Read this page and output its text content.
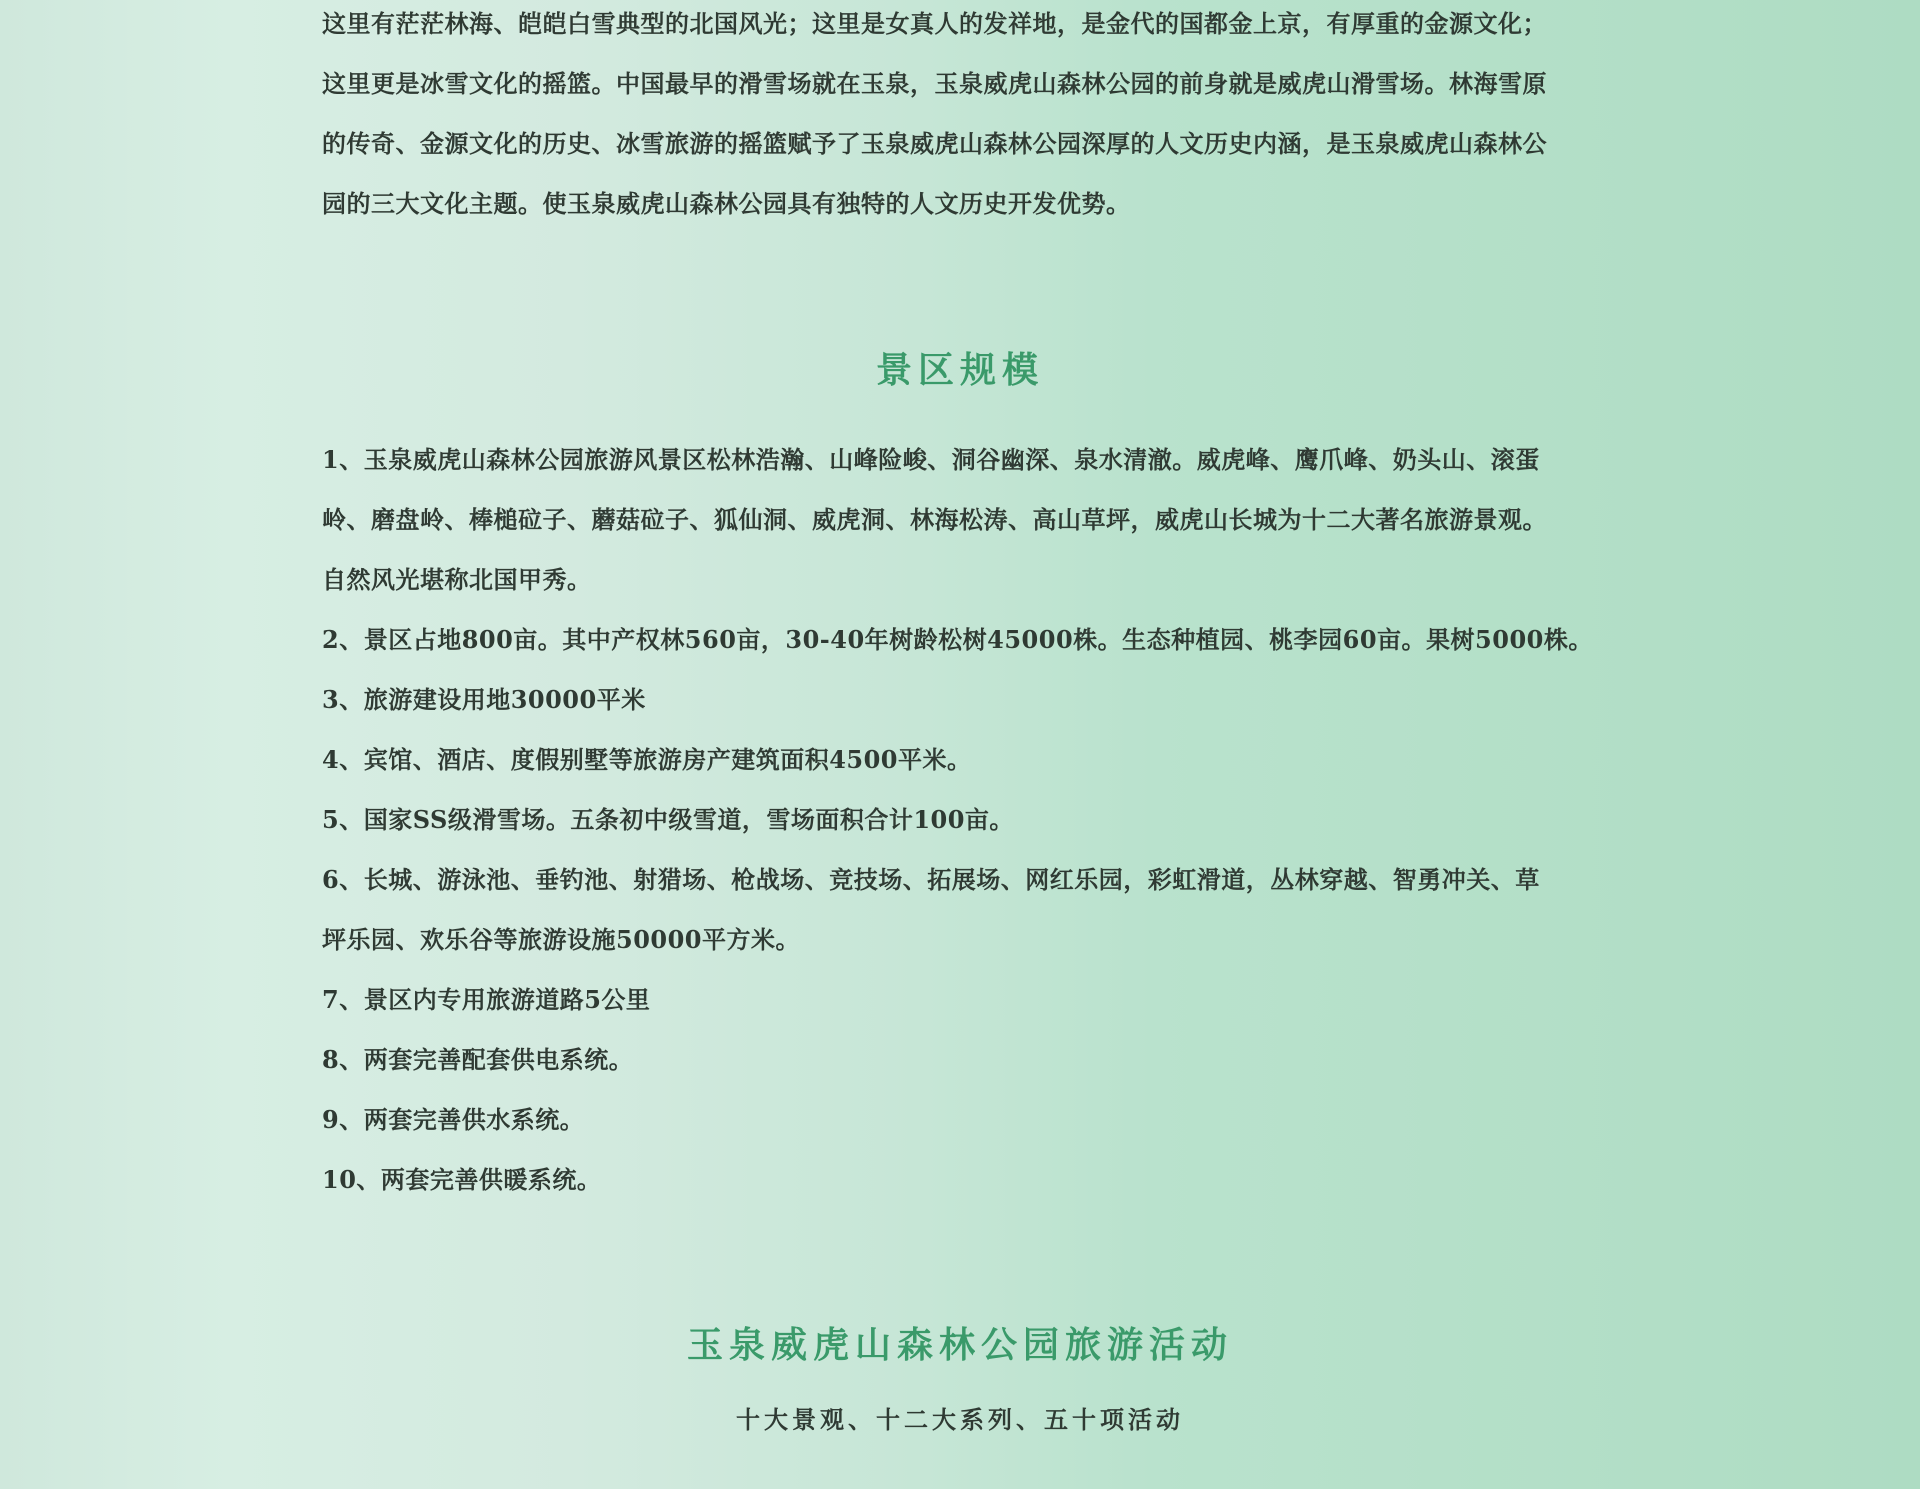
这里有茫茫林海、皑皑白雪典型的北国风光；这里是女真人的发祥地，是金代的国都金上京，有厚重的金源文化；

这里更是冰雪文化的摇篮。中国最早的滑雪场就在玉泉，玉泉威虎山森林公园的前身就是威虎山滑雪场。林海雪原

的传奇、金源文化的历史、冰雪旅游的摇篮赋予了玉泉威虎山森林公园深厚的人文历史内涵，是玉泉威虎山森林公

园的三大文化主题。使玉泉威虎山森林公园具有独特的人文历史开发优势。

景区规模
1、玉泉威虎山森林公园旅游风景区松林浩瀚、山峰险峻、洞谷幽深、泉水清澈。威虎峰、鹰爪峰、奶头山、滚蛋
岭、磨盘岭、棒槌砬子、蘑菇砬子、狐仙洞、威虎洞、林海松涛、高山草坪，威虎山长城为十二大著名旅游景观。
自然风光堪称北国甲秀。
2、景区占地800亩。其中产权林560亩，30-40年树龄松树45000株。生态种植园、桃李园60亩。果树5000株。
3、旅游建设用地30000平米
4、宾馆、酒店、度假别墅等旅游房产建筑面积4500平米。
5、国家SS级滑雪场。五条初中级雪道，雪场面积合计100亩。
6、长城、游泳池、垂钓池、射猎场、枪战场、竞技场、拓展场、网红乐园，彩虹滑道，丛林穿越、智勇冲关、草
坪乐园、欢乐谷等旅游设施50000平方米。
7、景区内专用旅游道路5公里
8、两套完善配套供电系统。
9、两套完善供水系统。
10、两套完善供暖系统。
玉泉威虎山森林公园旅游活动

十大景观、十二大系列、五十项活动
